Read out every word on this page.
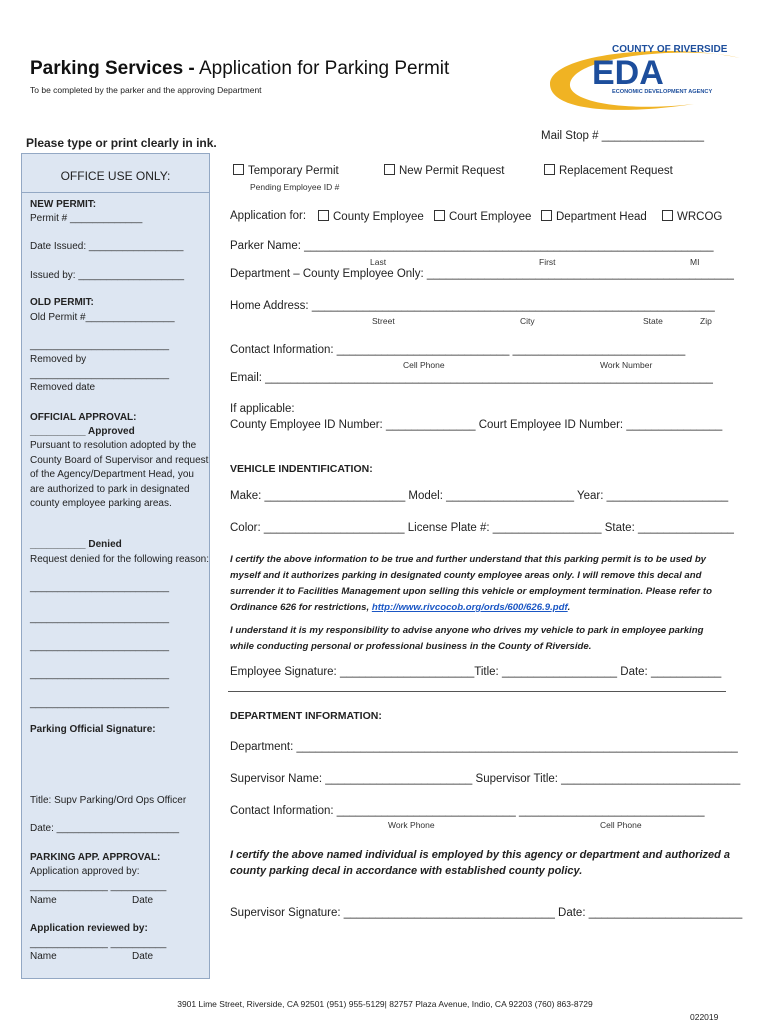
Parking Services - Application for Parking Permit
To be completed by the parker and the approving Department
COUNTY OF RIVERSIDE
EDA
ECONOMIC DEVELOPMENT AGENCY
Please type or print clearly in ink.	Mail Stop # ________________
OFFICE USE ONLY:
NEW PERMIT:
Permit # _____________
Date Issued: _________________
Issued by: ___________________
OLD PERMIT:
Old Permit #________________
_________________________
Removed by
_________________________
Removed date
OFFICIAL APPROVAL:
__________ Approved
Pursuant to resolution adopted by the County Board of Supervisor and request of the Agency/Department Head, you are authorized to park in designated county employee parking areas.
__________ Denied
Request denied for the following reason:
_________________________
_________________________
_________________________
_________________________
_________________________
Parking Official Signature:
Title: Supv Parking/Ord Ops Officer
Date: ______________________
PARKING APP. APPROVAL:
Application approved by:
______________ __________
Name	Date
Application reviewed by:
______________ __________
Name	Date
Temporary Permit
Pending Employee ID #
New Permit Request	Replacement Request
Application for:	County Employee	Court Employee	Department Head	WRCOG
Parker Name: ________________________________________________________________
Last	First	MI
Department – County Employee Only: ________________________________________________
Home Address: _______________________________________________________________
Street	City	State	Zip
Contact Information: ___________________________ ___________________________
Cell Phone	Work Number
Email: ______________________________________________________________________
If applicable:
County Employee ID Number: ______________ Court Employee ID Number: _______________
VEHICLE INDENTIFICATION:
Make: ______________________ Model: ____________________ Year: ___________________
Color: ______________________ License Plate #: _________________ State: _______________
I certify the above information to be true and further understand that this parking permit is to be used by myself and it authorizes parking in designated county employee areas only. I will remove this decal and surrender it to Facilities Management upon selling this vehicle or employment termination. Please refer to Ordinance 626 for restrictions, http://www.rivcocob.org/ords/600/626.9.pdf.
I understand it is my responsibility to advise anyone who drives my vehicle to park in employee parking while conducting personal or professional business in the County of Riverside.
Employee Signature: _____________________Title: __________________ Date: ___________
DEPARTMENT INFORMATION:
Department: _____________________________________________________________________
Supervisor Name: _______________________ Supervisor Title: ____________________________
Contact Information: ____________________________ _____________________________
Work Phone	Cell Phone
I certify the above named individual is employed by this agency or department and authorized a county parking decal in accordance with established county policy.
Supervisor Signature: _________________________________ Date: ________________________
3901 Lime Street, Riverside, CA 92501 (951) 955-5129| 82757 Plaza Avenue, Indio, CA 92203 (760) 863-8729
022019
